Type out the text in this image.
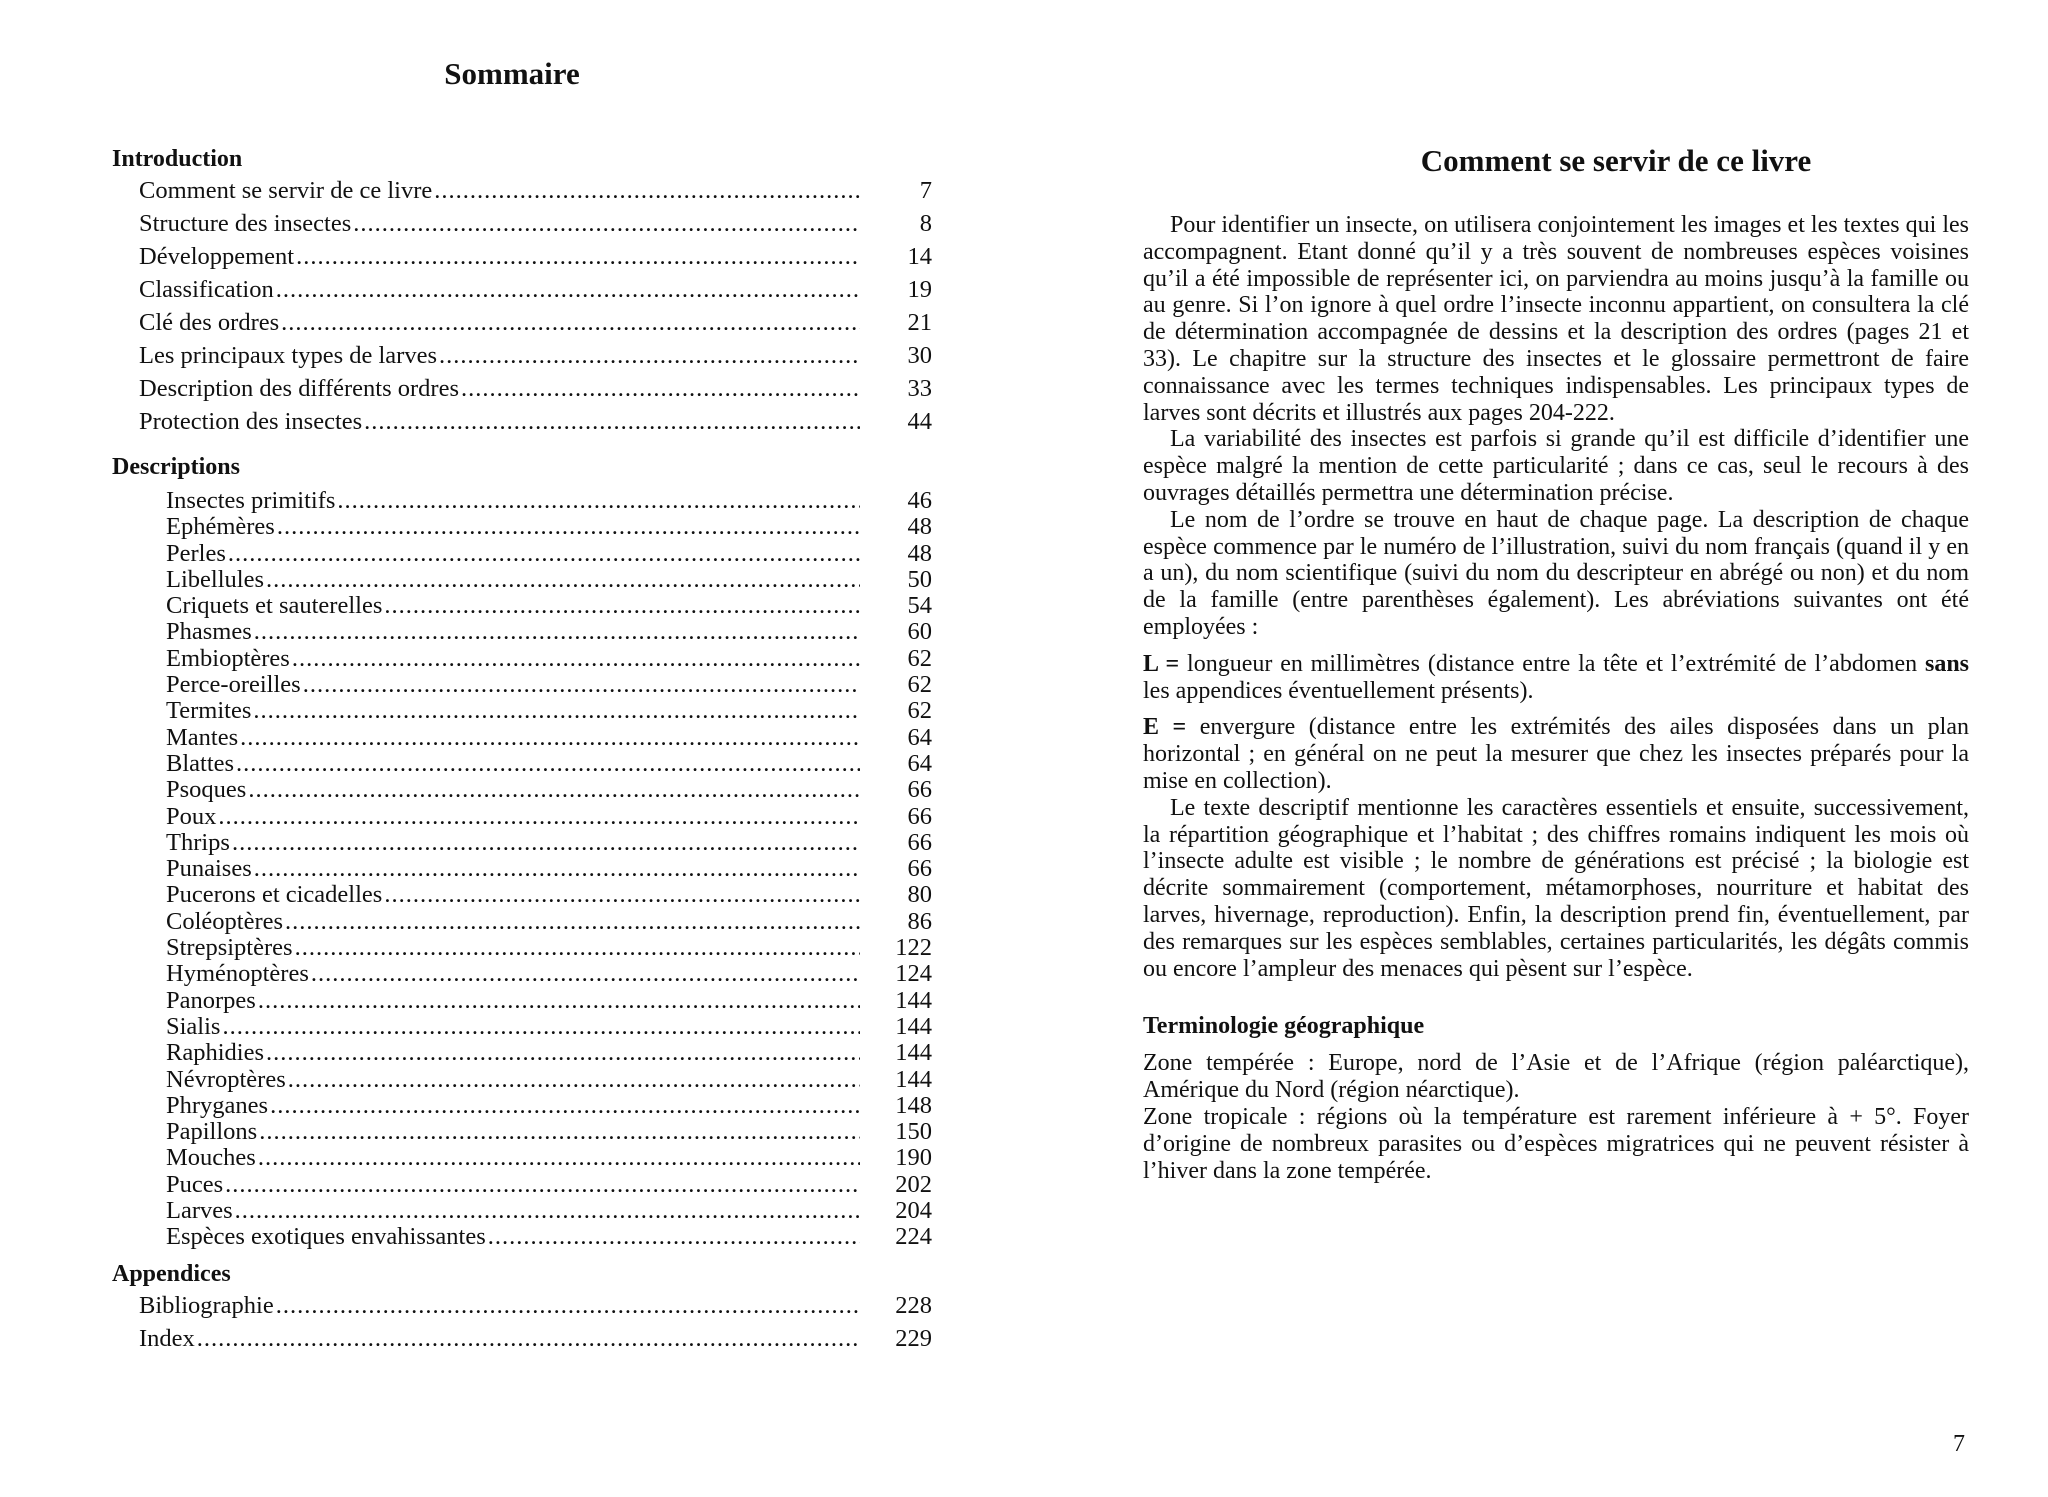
Sommaire
Introduction
Comment se servir de ce livre .....	7
Structure des insectes .....	8
Développement .....	14
Classification .....	19
Clé des ordres .....	21
Les principaux types de larves .....	30
Description des différents ordres .....	33
Protection des insectes .....	44
Descriptions
Insectes primitifs .....	46
Ephémères .....	48
Perles .....	48
Libellules .....	50
Criquets et sauterelles .....	54
Phasmes .....	60
Embioptères .....	62
Perce-oreilles .....	62
Termites .....	62
Mantes .....	64
Blattes .....	64
Psoques .....	66
Poux .....	66
Thrips .....	66
Punaises .....	66
Pucerons et cicadelles .....	80
Coléoptères .....	86
Strepsiptères .....	122
Hyménoptères .....	124
Panorpes .....	144
Sialis .....	144
Raphidies .....	144
Névroptères .....	144
Phryganes .....	148
Papillons .....	150
Mouches .....	190
Puces .....	202
Larves .....	204
Espèces exotiques envahissantes .....	224
Appendices
Bibliographie .....	228
Index .....	229
Comment se servir de ce livre

Pour identifier un insecte, on utilisera conjointement les images et les textes qui les accompagnent. Etant donné qu’il y a très souvent de nombreuses espèces voisines qu’il a été impossible de représenter ici, on parviendra au moins jusqu’à la famille ou au genre. Si l’on ignore à quel ordre l’insecte inconnu appartient, on consultera la clé de détermination accompagnée de dessins et la description des ordres (pages 21 et 33). Le chapitre sur la structure des insectes et le glossaire permettront de faire connaissance avec les termes techniques indispensables. Les principaux types de larves sont décrits et illustrés aux pages 204-222.

La variabilité des insectes est parfois si grande qu’il est difficile d’identifier une espèce malgré la mention de cette particularité ; dans ce cas, seul le recours à des ouvrages détaillés permettra une détermination précise.

Le nom de l’ordre se trouve en haut de chaque page. La description de chaque espèce commence par le numéro de l’illustration, suivi du nom français (quand il y en a un), du nom scientifique (suivi du nom du descripteur en abrégé ou non) et du nom de la famille (entre parenthèses également). Les abréviations suivantes ont été employées :

L = longueur en millimètres (distance entre la tête et l’extrémité de l’abdomen sans les appendices éventuellement présents).

E = envergure (distance entre les extrémités des ailes disposées dans un plan horizontal ; en général on ne peut la mesurer que chez les insectes préparés pour la mise en collection).

Le texte descriptif mentionne les caractères essentiels et ensuite, successivement, la répartition géographique et l’habitat ; des chiffres romains indiquent les mois où l’insecte adulte est visible ; le nombre de générations est précisé ; la biologie est décrite sommairement (comportement, métamorphoses, nourriture et habitat des larves, hivernage, reproduction). Enfin, la description prend fin, éventuellement, par des remarques sur les espèces semblables, certaines particularités, les dégâts commis ou encore l’ampleur des menaces qui pèsent sur l’espèce.

Terminologie géographique

Zone tempérée : Europe, nord de l’Asie et de l’Afrique (région paléarctique), Amérique du Nord (région néarctique).

Zone tropicale : régions où la température est rarement inférieure à + 5°. Foyer d’origine de nombreux parasites ou d’espèces migratrices qui ne peuvent résister à l’hiver dans la zone tempérée.

7
